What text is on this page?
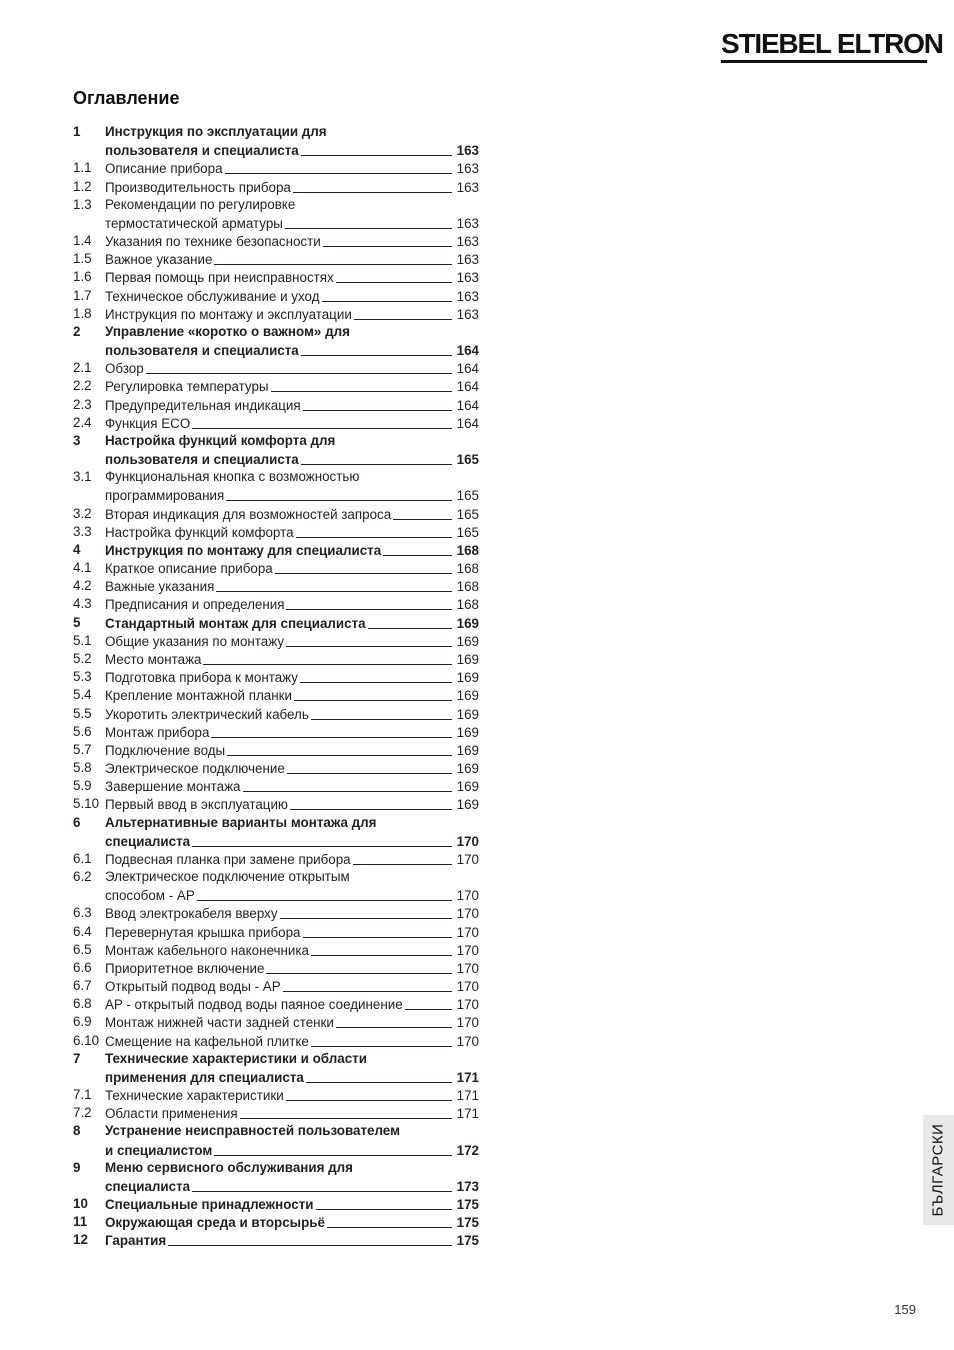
STIEBEL ELTRON
Оглавление
1 Инструкция по эксплуатации для
пользователя и специалиста	163
1.1 Описание прибора	163
1.2 Производительность прибора	163
1.3 Рекомендации по регулировке
термостатической арматуры	163
1.4 Указания по технике безопасности	163
1.5 Важное указание	163
1.6 Первая помощь при неисправностях	163
1.7 Техническое обслуживание и уход	163
1.8 Инструкция по монтажу и эксплуатации	163
2 Управление «коротко о важном» для
пользователя и специалиста	164
2.1 Обзор	164
2.2 Регулировка температуры	164
2.3 Предупредительная индикация	164
2.4 Функция ECO	164
3 Настройка функций комфорта для
пользователя и специалиста	165
3.1 Функциональная кнопка с возможностью
программирования	165
3.2 Вторая индикация для возможностей запроса	165
3.3 Настройка функций комфорта	165
4 Инструкция по монтажу для специалиста	168
4.1 Краткое описание прибора	168
4.2 Важные указания	168
4.3 Предписания и определения	168
5 Стандартный монтаж для специалиста	169
5.1 Общие указания по монтажу	169
5.2 Место монтажа	169
5.3 Подготовка прибора к монтажу	169
5.4 Крепление монтажной планки	169
5.5 Укоротить электрический кабель	169
5.6 Монтаж прибора	169
5.7 Подключение воды	169
5.8 Электрическое подключение	169
5.9 Завершение монтажа	169
5.10 Первый ввод в эксплуатацию	169
6 Альтернативные варианты монтажа для
специалиста	170
6.1 Подвесная планка при замене прибора	170
6.2 Электрическое подключение открытым
способом - AP	170
6.3 Ввод электрокабеля вверху	170
6.4 Перевернутая крышка прибора	170
6.5 Монтаж кабельного наконечника	170
6.6 Приоритетное включение	170
6.7 Открытый подвод воды - AP	170
6.8 AP - открытый подвод воды паяное соединение	170
6.9 Монтаж нижней части задней стенки	170
6.10 Смещение на кафельной плитке	170
7 Технические характеристики и области
применения для специалиста	171
7.1 Технические характеристики	171
7.2 Области применения	171
8 Устранение неисправностей пользователем
и специалистом	172
9 Меню сервисного обслуживания для
специалиста	173
10 Специальные принадлежности	175
11 Окружающая среда и вторсырьё	175
12 Гарантия	175
БЪЛГАРСКИ
159
